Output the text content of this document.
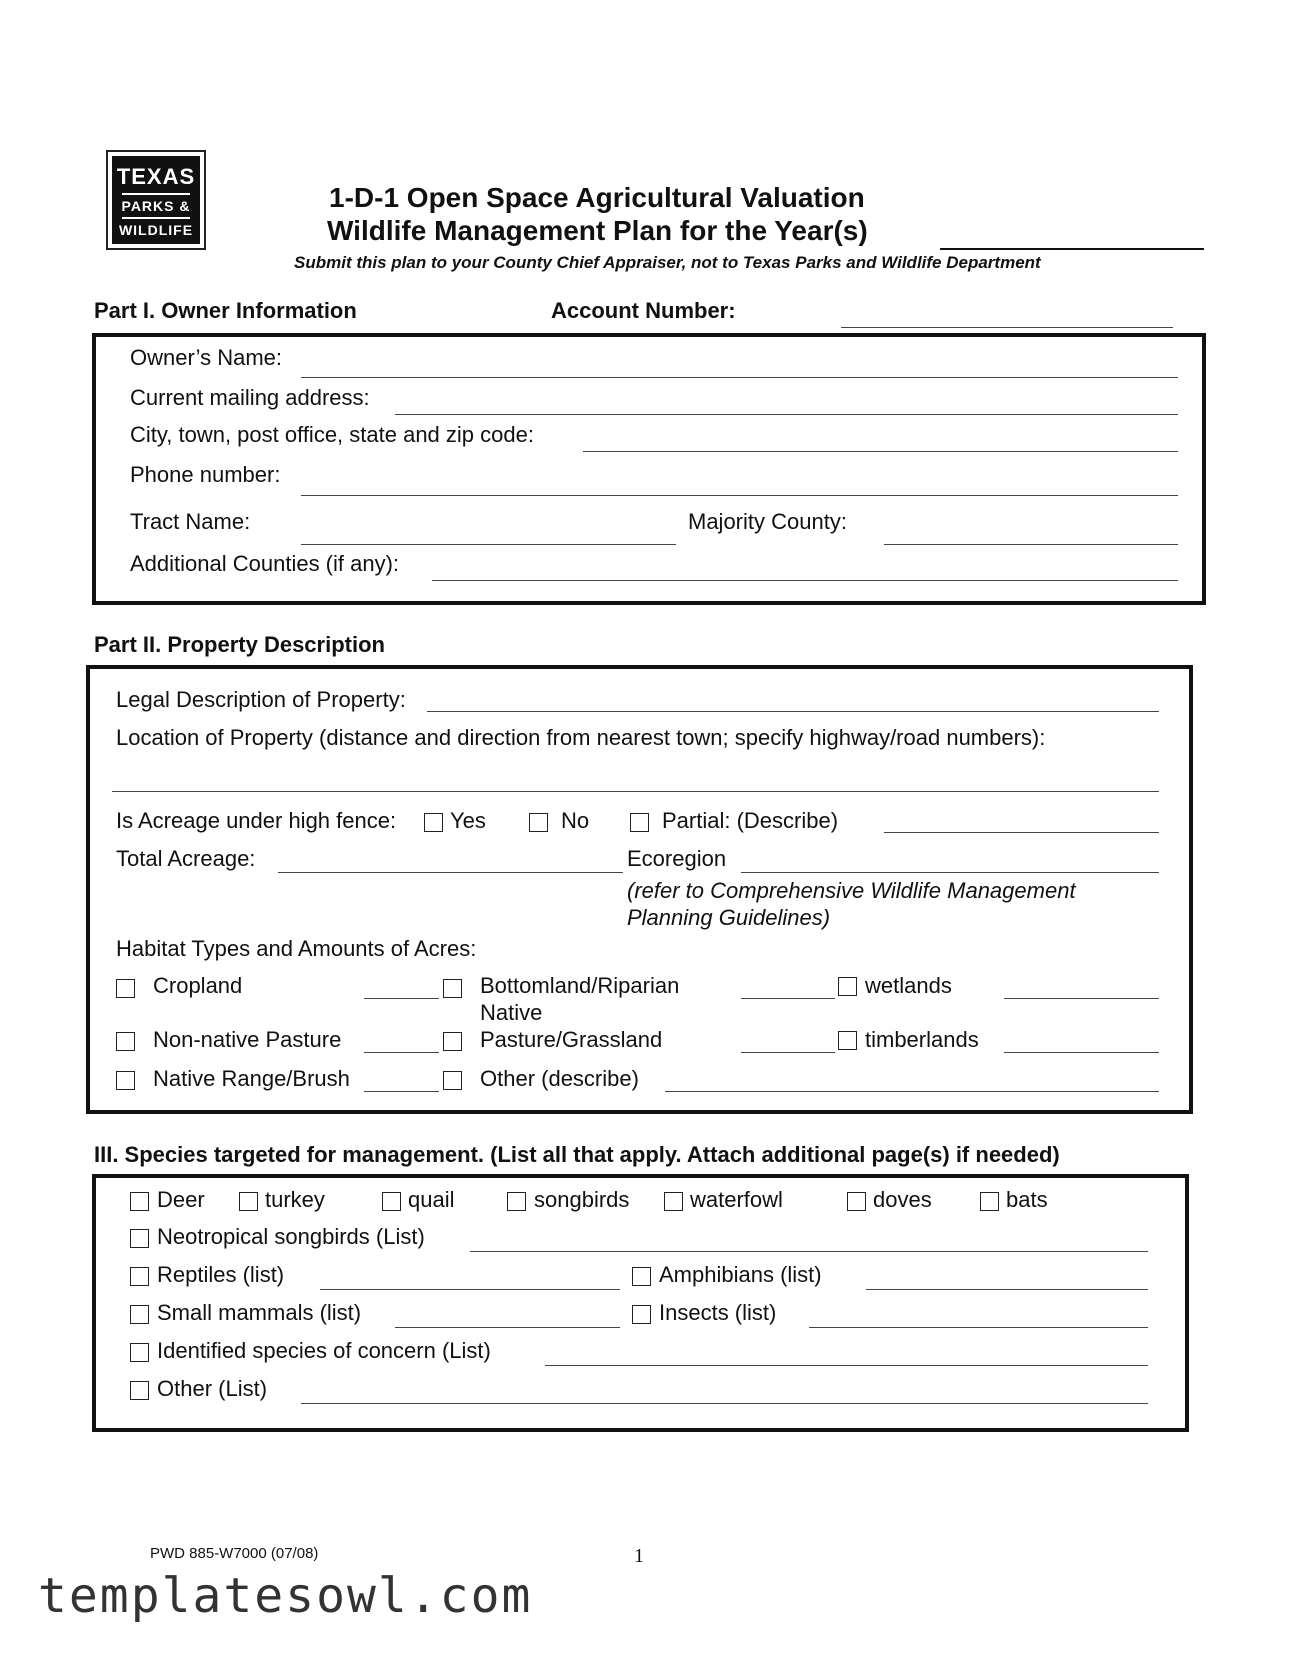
TEXAS
PARKS &
WILDLIFE
1-D-1 Open Space Agricultural Valuation
Wildlife Management Plan for the Year(s)
Submit this plan to your County Chief Appraiser, not to Texas Parks and Wildlife Department
Part I. Owner Information	Account Number:
Owner’s Name:
Current mailing address:
City, town, post office, state and zip code:
Phone number:
Tract Name:	Majority County:
Additional Counties (if any):
Part II. Property Description
Legal Description of Property:
Location of Property (distance and direction from nearest town; specify highway/road numbers):
Is Acreage under high fence: Yes	No	Partial: (Describe)
Total Acreage:	Ecoregion
(refer to Comprehensive Wildlife Management
Planning Guidelines)
Habitat Types and Amounts of Acres:
Cropland	Bottomland/Riparian	wetlands
Native
Non-native Pasture	Pasture/Grassland	timberlands
Native Range/Brush	Other (describe)
III. Species targeted for management. (List all that apply. Attach additional page(s) if needed)
Deer	turkey	quail	songbirds	waterfowl	doves	bats
Neotropical songbirds (List)
Reptiles (list)	Amphibians (list)
Small mammals (list)	Insects (list)
Identified species of concern (List)
Other (List)
PWD 885-W7000 (07/08)	1
templatesowl.com
